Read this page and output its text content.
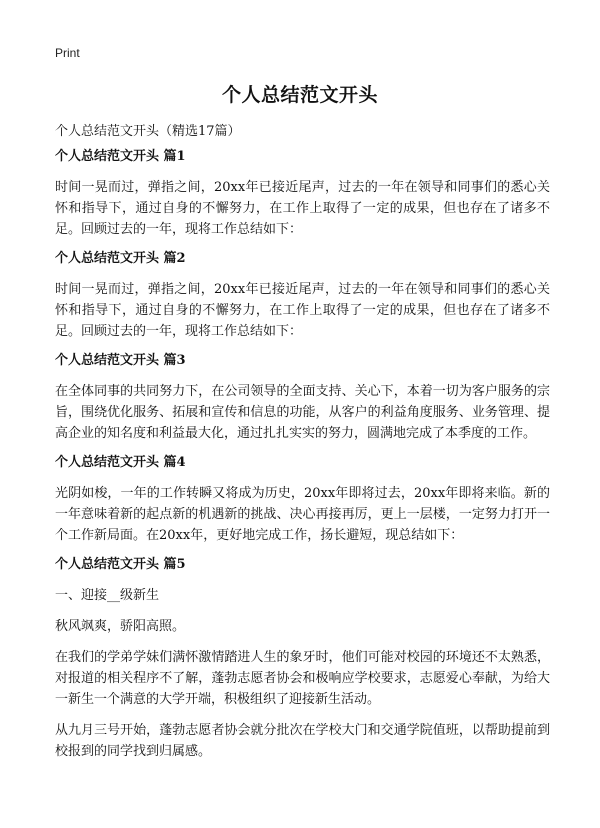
Print
个人总结范文开头

个人总结范文开头（精选17篇）

个人总结范文开头 篇1

时间一晃而过，弹指之间，20xx年已接近尾声，过去的一年在领导和同事们的悉心关怀和指导下，通过自身的不懈努力，在工作上取得了一定的成果，但也存在了诸多不足。回顾过去的一年，现将工作总结如下：

个人总结范文开头 篇2

时间一晃而过，弹指之间，20xx年已接近尾声，过去的一年在领导和同事们的悉心关怀和指导下，通过自身的不懈努力，在工作上取得了一定的成果，但也存在了诸多不足。回顾过去的一年，现将工作总结如下：

个人总结范文开头 篇3

在全体同事的共同努力下，在公司领导的全面支持、关心下，本着一切为客户服务的宗旨，围绕优化服务、拓展和宣传和信息的功能，从客户的利益角度服务、业务管理、提高企业的知名度和利益最大化，通过扎扎实实的努力，圆满地完成了本季度的工作。

个人总结范文开头 篇4

光阴如梭，一年的工作转瞬又将成为历史，20xx年即将过去，20xx年即将来临。新的一年意味着新的起点新的机遇新的挑战、决心再接再厉，更上一层楼，一定努力打开一个工作新局面。在20xx年，更好地完成工作，扬长避短，现总结如下：

个人总结范文开头 篇5

一、迎接__级新生

秋风飒爽，骄阳高照。

在我们的学弟学妹们满怀激情踏进人生的象牙时，他们可能对校园的环境还不太熟悉，对报道的相关程序不了解，蓬勃志愿者协会和极响应学校要求，志愿爱心奉献，为给大一新生一个满意的大学开端，积极组织了迎接新生活动。

从九月三号开始，蓬勃志愿者协会就分批次在学校大门和交通学院值班，以帮助提前到校报到的同学找到归属感。
